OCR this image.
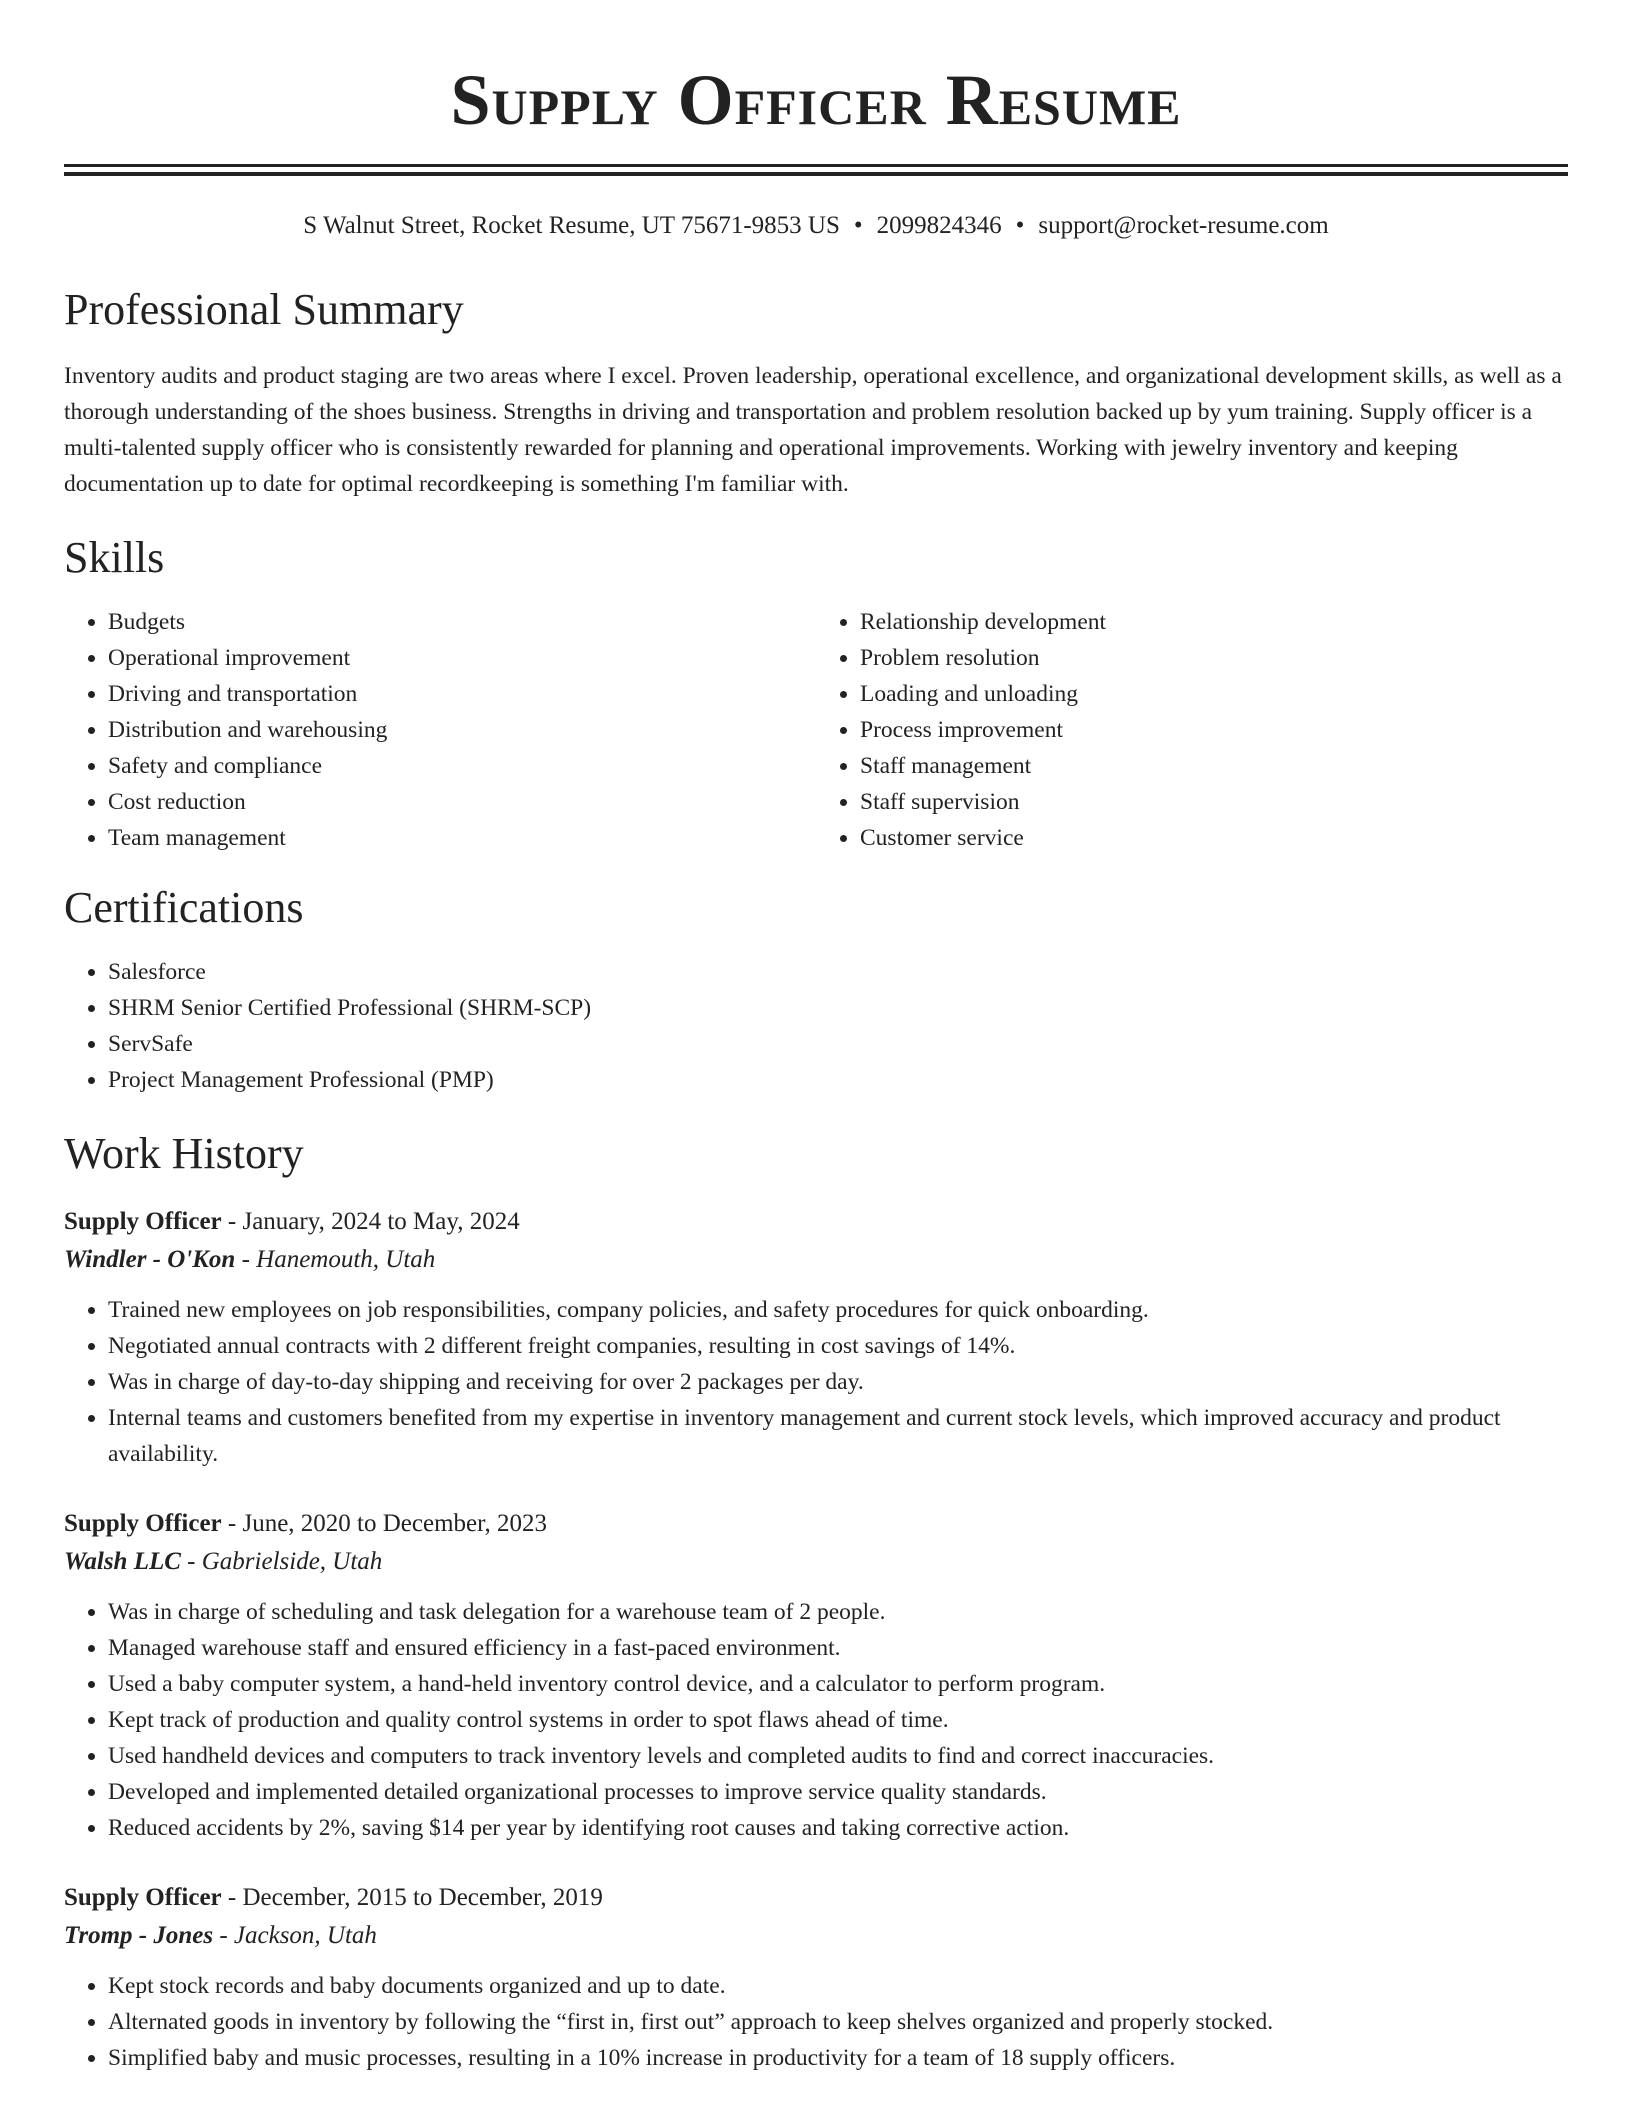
Supply Officer Resume
S Walnut Street, Rocket Resume, UT 75671-9853 US • 2099824346 • support@rocket-resume.com
Professional Summary

Inventory audits and product staging are two areas where I excel. Proven leadership, operational excellence, and organizational development skills, as well as a thorough understanding of the shoes business. Strengths in driving and transportation and problem resolution backed up by yum training. Supply officer is a multi-talented supply officer who is consistently rewarded for planning and operational improvements. Working with jewelry inventory and keeping documentation up to date for optimal recordkeeping is something I'm familiar with.

Skills
• Budgets
• Operational improvement
• Driving and transportation
• Distribution and warehousing
• Safety and compliance
• Cost reduction
• Team management
• Relationship development
• Problem resolution
• Loading and unloading
• Process improvement
• Staff management
• Staff supervision
• Customer service
Certifications
• Salesforce
• SHRM Senior Certified Professional (SHRM-SCP)
• ServSafe
• Project Management Professional (PMP)
Work History
Supply Officer - January, 2024 to May, 2024
Windler - O'Kon - Hanemouth, Utah
• Trained new employees on job responsibilities, company policies, and safety procedures for quick onboarding.
• Negotiated annual contracts with 2 different freight companies, resulting in cost savings of 14%.
• Was in charge of day-to-day shipping and receiving for over 2 packages per day.
• Internal teams and customers benefited from my expertise in inventory management and current stock levels, which improved accuracy and product availability.
Supply Officer - June, 2020 to December, 2023
Walsh LLC - Gabrielside, Utah
• Was in charge of scheduling and task delegation for a warehouse team of 2 people.
• Managed warehouse staff and ensured efficiency in a fast-paced environment.
• Used a baby computer system, a hand-held inventory control device, and a calculator to perform program.
• Kept track of production and quality control systems in order to spot flaws ahead of time.
• Used handheld devices and computers to track inventory levels and completed audits to find and correct inaccuracies.
• Developed and implemented detailed organizational processes to improve service quality standards.
• Reduced accidents by 2%, saving $14 per year by identifying root causes and taking corrective action.
Supply Officer - December, 2015 to December, 2019
Tromp - Jones - Jackson, Utah
• Kept stock records and baby documents organized and up to date.
• Alternated goods in inventory by following the “first in, first out” approach to keep shelves organized and properly stocked.
• Simplified baby and music processes, resulting in a 10% increase in productivity for a team of 18 supply officers.
